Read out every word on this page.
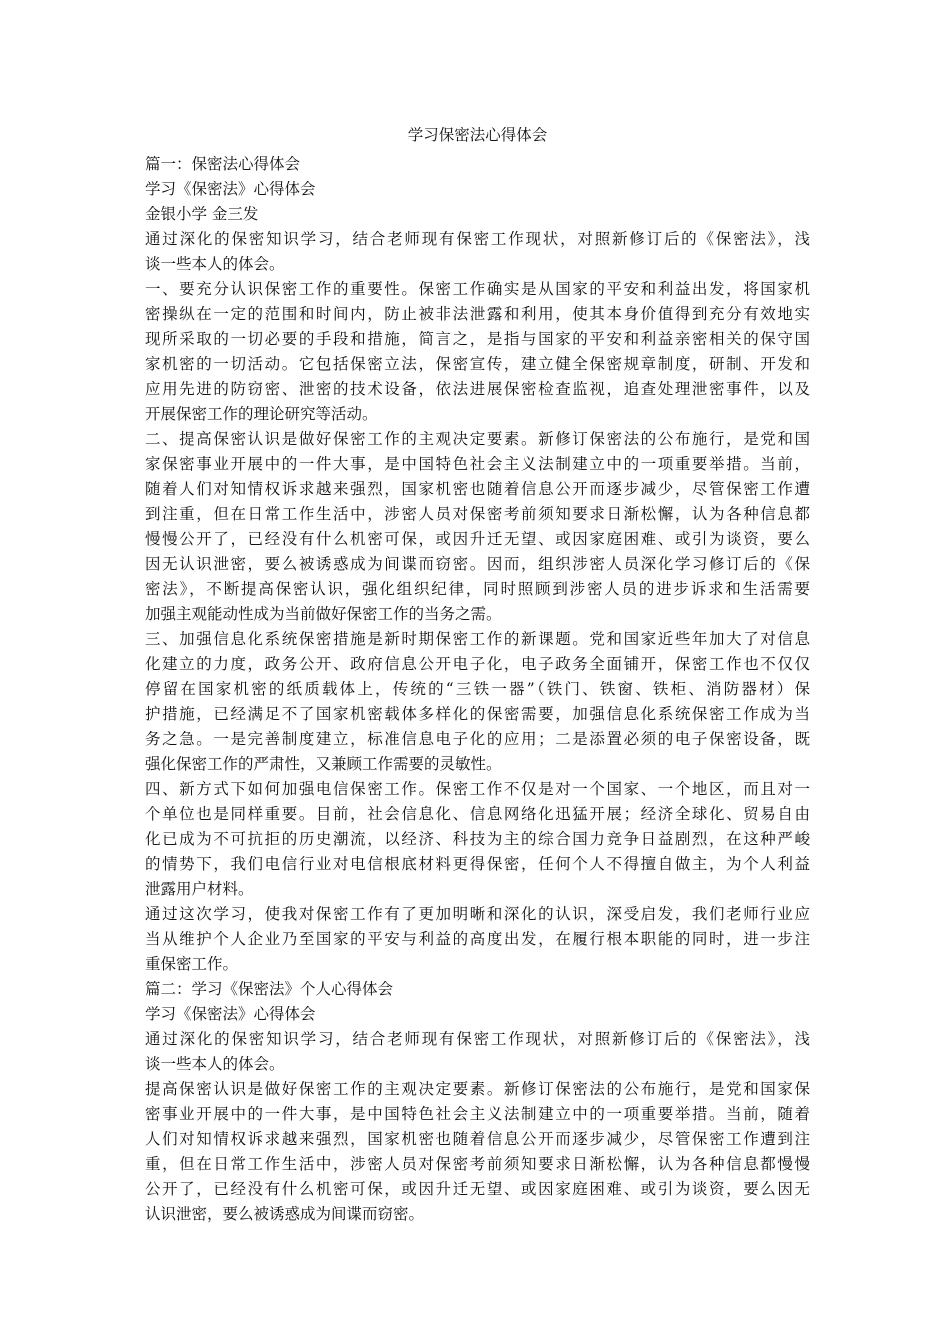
学习保密法心得体会

篇一：保密法心得体会

学习《保密法》心得体会

金银小学 金三发

通过深化的保密知识学习，结合老师现有保密工作现状，对照新修订后的《保密法》，浅
谈一些本人的体会。

一、要充分认识保密工作的重要性。保密工作确实是从国家的平安和利益出发，将国家机
密操纵在一定的范围和时间内，防止被非法泄露和利用，使其本身价值得到充分有效地实
现所采取的一切必要的手段和措施，简言之，是指与国家的平安和利益亲密相关的保守国
家机密的一切活动。它包括保密立法，保密宣传，建立健全保密规章制度，研制、开发和
应用先进的防窃密、泄密的技术设备，依法进展保密检查监视，追查处理泄密事件，以及
开展保密工作的理论研究等活动。

二、提高保密认识是做好保密工作的主观决定要素。新修订保密法的公布施行，是党和国
家保密事业开展中的一件大事，是中国特色社会主义法制建立中的一项重要举措。当前，
随着人们对知情权诉求越来强烈，国家机密也随着信息公开而逐步减少，尽管保密工作遭
到注重，但在日常工作生活中，涉密人员对保密考前须知要求日渐松懈，认为各种信息都
慢慢公开了，已经没有什么机密可保，或因升迁无望、或因家庭困难、或引为谈资，要么
因无认识泄密，要么被诱惑成为间谍而窃密。因而，组织涉密人员深化学习修订后的《保
密法》，不断提高保密认识，强化组织纪律，同时照顾到涉密人员的进步诉求和生活需要
加强主观能动性成为当前做好保密工作的当务之需。

三、加强信息化系统保密措施是新时期保密工作的新课题。党和国家近些年加大了对信息
化建立的力度，政务公开、政府信息公开电子化，电子政务全面铺开，保密工作也不仅仅
停留在国家机密的纸质载体上，传统的“三铁一器”（铁门、铁窗、铁柜、消防器材）保
护措施，已经满足不了国家机密载体多样化的保密需要，加强信息化系统保密工作成为当
务之急。一是完善制度建立，标准信息电子化的应用；二是添置必须的电子保密设备，既
强化保密工作的严肃性，又兼顾工作需要的灵敏性。

四、新方式下如何加强电信保密工作。保密工作不仅是对一个国家、一个地区，而且对一
个单位也是同样重要。目前，社会信息化、信息网络化迅猛开展；经济全球化、贸易自由
化已成为不可抗拒的历史潮流，以经济、科技为主的综合国力竞争日益剧烈，在这种严峻
的情势下，我们电信行业对电信根底材料更得保密，任何个人不得擅自做主，为个人利益
泄露用户材料。

通过这次学习，使我对保密工作有了更加明晰和深化的认识，深受启发，我们老师行业应
当从维护个人企业乃至国家的平安与利益的高度出发，在履行根本职能的同时，进一步注
重保密工作。

篇二：学习《保密法》个人心得体会

学习《保密法》心得体会

通过深化的保密知识学习，结合老师现有保密工作现状，对照新修订后的《保密法》，浅
谈一些本人的体会。

提高保密认识是做好保密工作的主观决定要素。新修订保密法的公布施行，是党和国家保
密事业开展中的一件大事，是中国特色社会主义法制建立中的一项重要举措。当前，随着
人们对知情权诉求越来强烈，国家机密也随着信息公开而逐步减少，尽管保密工作遭到注
重，但在日常工作生活中，涉密人员对保密考前须知要求日渐松懈，认为各种信息都慢慢
公开了，已经没有什么机密可保，或因升迁无望、或因家庭困难、或引为谈资，要么因无
认识泄密，要么被诱惑成为间谍而窃密。
